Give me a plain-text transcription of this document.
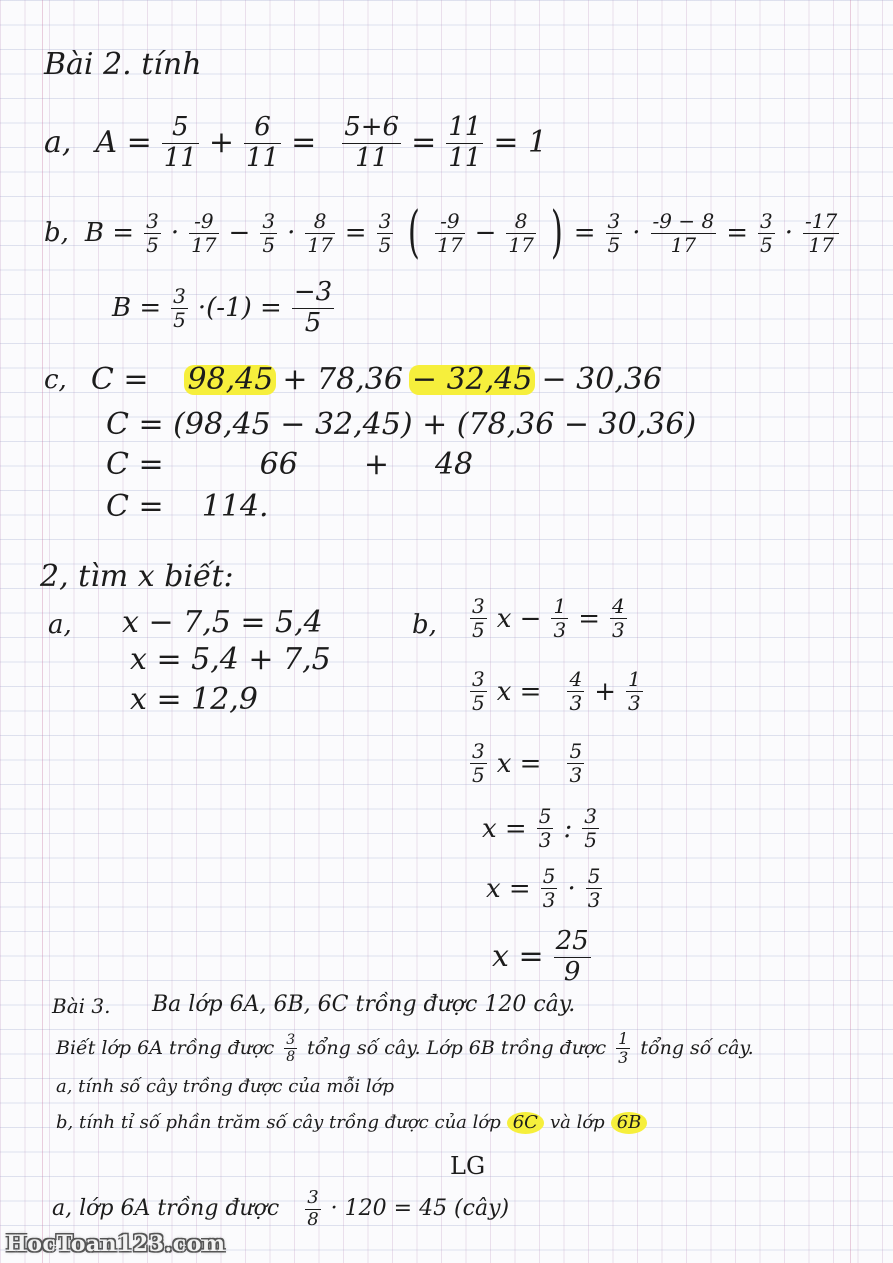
Bài 2. tính
a, $A = \frac{5}{11} + \frac{6}{11} = \frac{5+6}{11} = \frac{11}{11} = 1$
b, $B = \frac{3}{5} \cdot -9$
$17 - \frac{3}{5} \cdot \frac{8}{17} = \frac{3}{5}$ ( -9
$17 - \frac{8}{17}$ ) = $\frac{3}{5} \cdot \frac{-9 - 8}{17} = \frac{3}{5} \cdot -17$
17
$B = \frac{3}{5} \cdot(-1) = \frac{-3}{5}$
c, C = 98,45 + 78,36 − 32,45 − 30,36
C = (98,45 − 32,45) + (78,36 − 30,36)
C =	66 + 48
C =    114.
2, tìm x biết:
a, x − 7,5 = 5,4
x = 5,4 + 7,5
x = 12,9
b,
3
5 $x - \frac{1}{3} = \frac{4}{3}$
3
5 $x = \frac{4}{3} + \frac{1}{3}$
3
5 $x = \frac{5}{3}$
$x = \frac{5}{3}$ : 3
5
$x = \frac{5}{3} \cdot 5$
3
$x = \frac{25}{9}$
Bài 3. Ba lớp 6A, 6B, 6C trồng được 120 cây.
Biết lớp 6A trồng được 3
8 tổng số cây. Lớp 6B trồng được 1
3 tổng số cây.
a, tính số cây trồng được của mỗi lớp
b, tính tỉ số phần trăm số cây trồng được của lớp 6C và lớp 6B
LG
a, lớp 6A trồng được 3
8 · 120 = 45 (cây)
HocToan123.com
